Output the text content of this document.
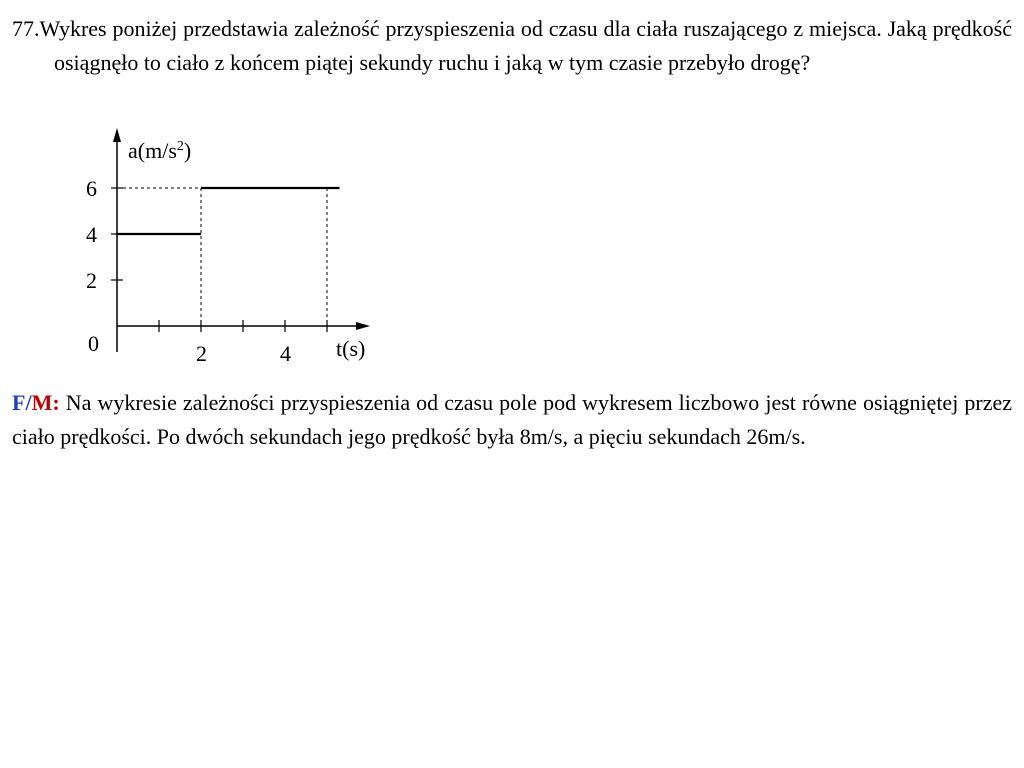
77.Wykres poniżej przedstawia zależność przyspieszenia od czasu dla ciała ruszającego z miejsca. Jaką prędkość osiągnęło to ciało z końcem piątej sekundy ruchu i jaką w tym czasie przebyło drogę?
$a(m/s^2)$
t(s)
0
2
4
6
2	4
F/M: Na wykresie zależności przyspieszenia od czasu pole pod wykresem liczbowo jest równe osiągniętej przez ciało prędkości. Po dwóch sekundach jego prędkość była 8m/s, a pięciu sekundach 26m/s.
